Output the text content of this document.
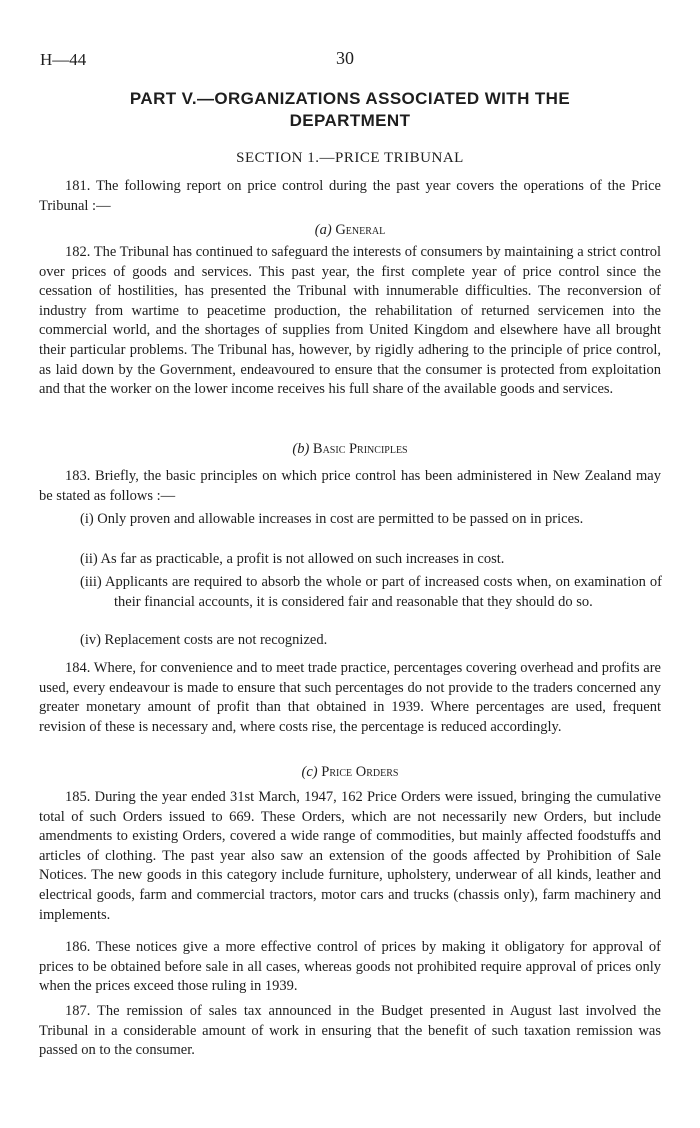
H—44	30
PART V.—ORGANIZATIONS ASSOCIATED WITH THE
DEPARTMENT
SECTION 1.—PRICE TRIBUNAL

181. The following report on price control during the past year covers the operations of the Price Tribunal :—

(a) General

182. The Tribunal has continued to safeguard the interests of consumers by maintaining a strict control over prices of goods and services. This past year, the first complete year of price control since the cessation of hostilities, has presented the Tribunal with innumerable difficulties. The reconversion of industry from wartime to peacetime production, the rehabilitation of returned servicemen into the commercial world, and the shortages of supplies from United Kingdom and elsewhere have all brought their particular problems. The Tribunal has, however, by rigidly adhering to the principle of price control, as laid down by the Government, endeavoured to ensure that the consumer is protected from exploitation and that the worker on the lower income receives his full share of the available goods and services.

(b) Basic Principles

183. Briefly, the basic principles on which price control has been administered in New Zealand may be stated as follows :—

(i) Only proven and allowable increases in cost are permitted to be passed on in prices.

(ii) As far as practicable, a profit is not allowed on such increases in cost.

(iii) Applicants are required to absorb the whole or part of increased costs when, on examination of their financial accounts, it is considered fair and reasonable that they should do so.

(iv) Replacement costs are not recognized.

184. Where, for convenience and to meet trade practice, percentages covering overhead and profits are used, every endeavour is made to ensure that such percentages do not provide to the traders concerned any greater monetary amount of profit than that obtained in 1939. Where percentages are used, frequent revision of these is necessary and, where costs rise, the percentage is reduced accordingly.

(c) Price Orders

185. During the year ended 31st March, 1947, 162 Price Orders were issued, bringing the cumulative total of such Orders issued to 669. These Orders, which are not necessarily new Orders, but include amendments to existing Orders, covered a wide range of commodities, but mainly affected foodstuffs and articles of clothing. The past year also saw an extension of the goods affected by Prohibition of Sale Notices. The new goods in this category include furniture, upholstery, underwear of all kinds, leather and electrical goods, farm and commercial tractors, motor cars and trucks (chassis only), farm machinery and implements.

186. These notices give a more effective control of prices by making it obligatory for approval of prices to be obtained before sale in all cases, whereas goods not prohibited require approval of prices only when the prices exceed those ruling in 1939.

187. The remission of sales tax announced in the Budget presented in August last involved the Tribunal in a considerable amount of work in ensuring that the benefit of such taxation remission was passed on to the consumer.
